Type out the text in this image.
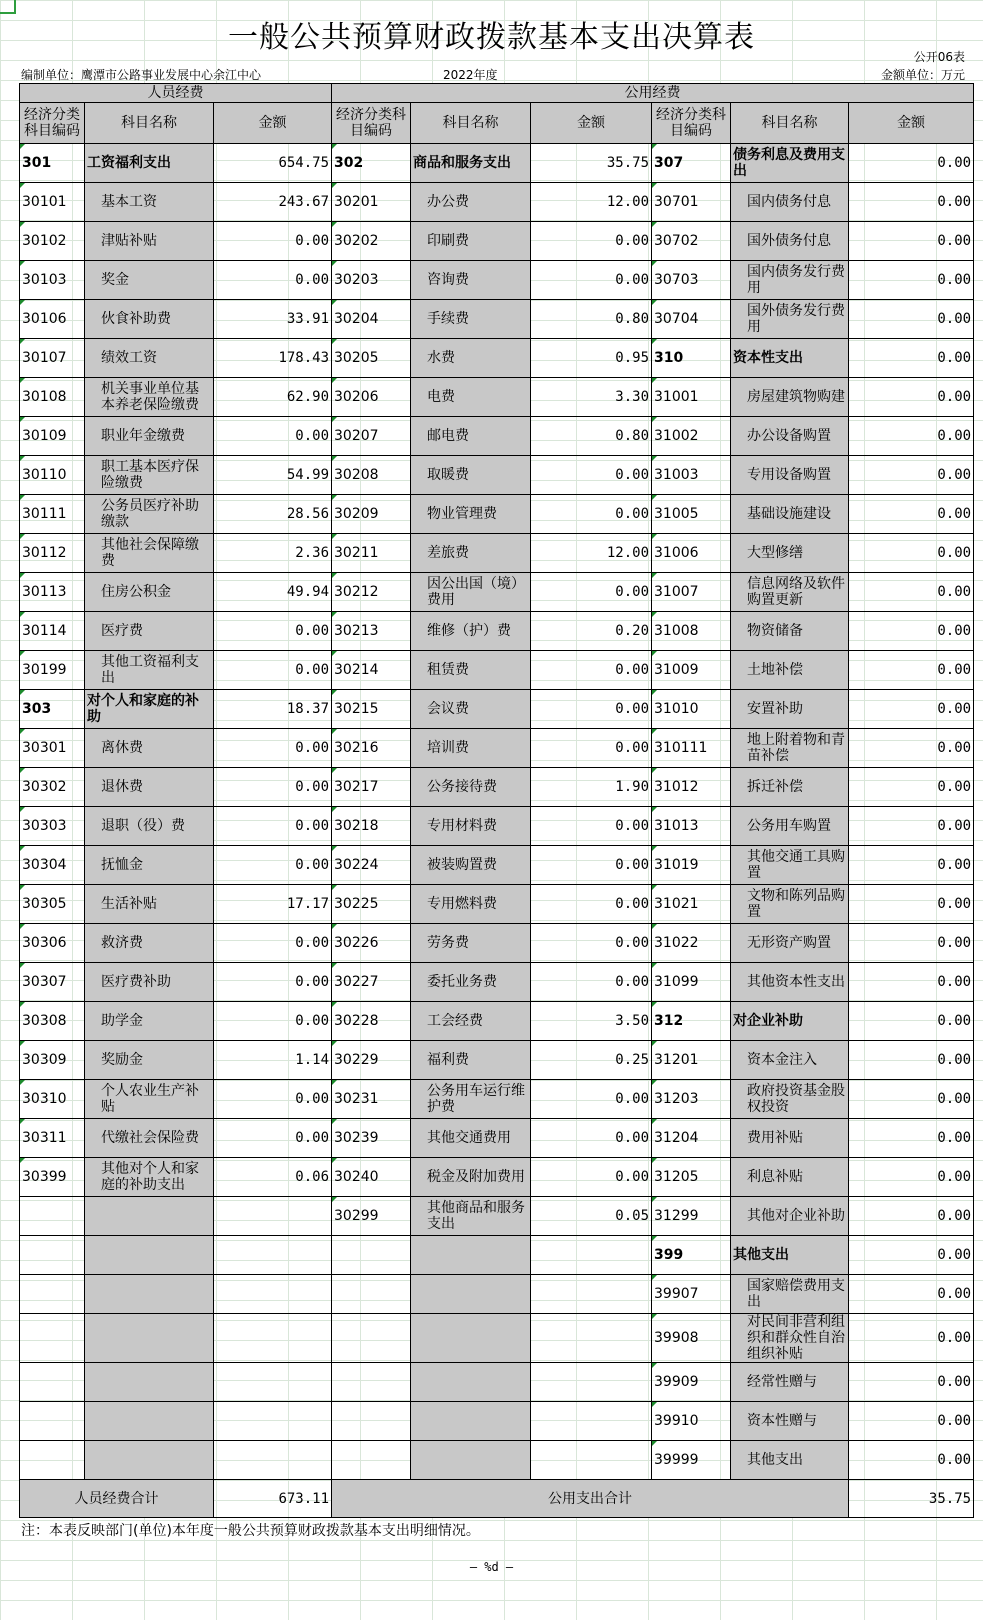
一般公共预算财政拨款基本支出决算表
公开06表
编制单位：鹰潭市公路事业发展中心余江中心	2022年度	金额单位：万元
人员经费			公用经费					
经济分类科目编码	科目名称	金额	经济分类科目编码	科目名称	金额	经济分类科目编码	科目名称	金额
301	工资福利支出	654.75	302	商品和服务支出	35.75	307	债务利息及费用支出	0.00
30101	基本工资	243.67	30201	办公费	12.00	30701	国内债务付息	0.00
30102	津贴补贴	0.00	30202	印刷费	0.00	30702	国外债务付息	0.00
30103	奖金	0.00	30203	咨询费	0.00	30703	国内债务发行费用	0.00
30106	伙食补助费	33.91	30204	手续费	0.80	30704	国外债务发行费用	0.00
30107	绩效工资	178.43	30205	水费	0.95	310	资本性支出	0.00
30108	机关事业单位基本养老保险缴费	62.90	30206	电费	3.30	31001	房屋建筑物购建	0.00
30109	职业年金缴费	0.00	30207	邮电费	0.80	31002	办公设备购置	0.00
30110	职工基本医疗保险缴费	54.99	30208	取暖费	0.00	31003	专用设备购置	0.00
30111	公务员医疗补助缴款	28.56	30209	物业管理费	0.00	31005	基础设施建设	0.00
30112	其他社会保障缴费	2.36	30211	差旅费	12.00	31006	大型修缮	0.00
30113	住房公积金	49.94	30212	因公出国（境）费用	0.00	31007	信息网络及软件购置更新	0.00
30114	医疗费	0.00	30213	维修（护）费	0.20	31008	物资储备	0.00
30199	其他工资福利支出	0.00	30214	租赁费	0.00	31009	土地补偿	0.00
303	对个人和家庭的补助	18.37	30215	会议费	0.00	31010	安置补助	0.00
30301	离休费	0.00	30216	培训费	0.00	310111	地上附着物和青苗补偿	0.00
30302	退休费	0.00	30217	公务接待费	1.90	31012	拆迁补偿	0.00
30303	退职（役）费	0.00	30218	专用材料费	0.00	31013	公务用车购置	0.00
30304	抚恤金	0.00	30224	被装购置费	0.00	31019	其他交通工具购置	0.00
30305	生活补贴	17.17	30225	专用燃料费	0.00	31021	文物和陈列品购置	0.00
30306	救济费	0.00	30226	劳务费	0.00	31022	无形资产购置	0.00
30307	医疗费补助	0.00	30227	委托业务费	0.00	31099	其他资本性支出	0.00
30308	助学金	0.00	30228	工会经费	3.50	312	对企业补助	0.00
30309	奖励金	1.14	30229	福利费	0.25	31201	资本金注入	0.00
30310	个人农业生产补贴	0.00	30231	公务用车运行维护费	0.00	31203	政府投资基金股权投资	0.00
30311	代缴社会保险费	0.00	30239	其他交通费用	0.00	31204	费用补贴	0.00
30399	其他对个人和家庭的补助支出	0.06	30240	税金及附加费用	0.00	31205	利息补贴	0.00
			30299	其他商品和服务支出	0.05	31299	其他对企业补助	0.00
						399	其他支出	0.00
						39907	国家赔偿费用支出	0.00
						39908	对民间非营利组织和群众性自治组织补贴	0.00
						39909	经常性赠与	0.00
						39910	资本性赠与	0.00
						39999	其他支出	0.00
人员经费合计		673.11	公用支出合计					35.75
注：本表反映部门(单位)本年度一般公共预算财政拨款基本支出明细情况。
— %d —
